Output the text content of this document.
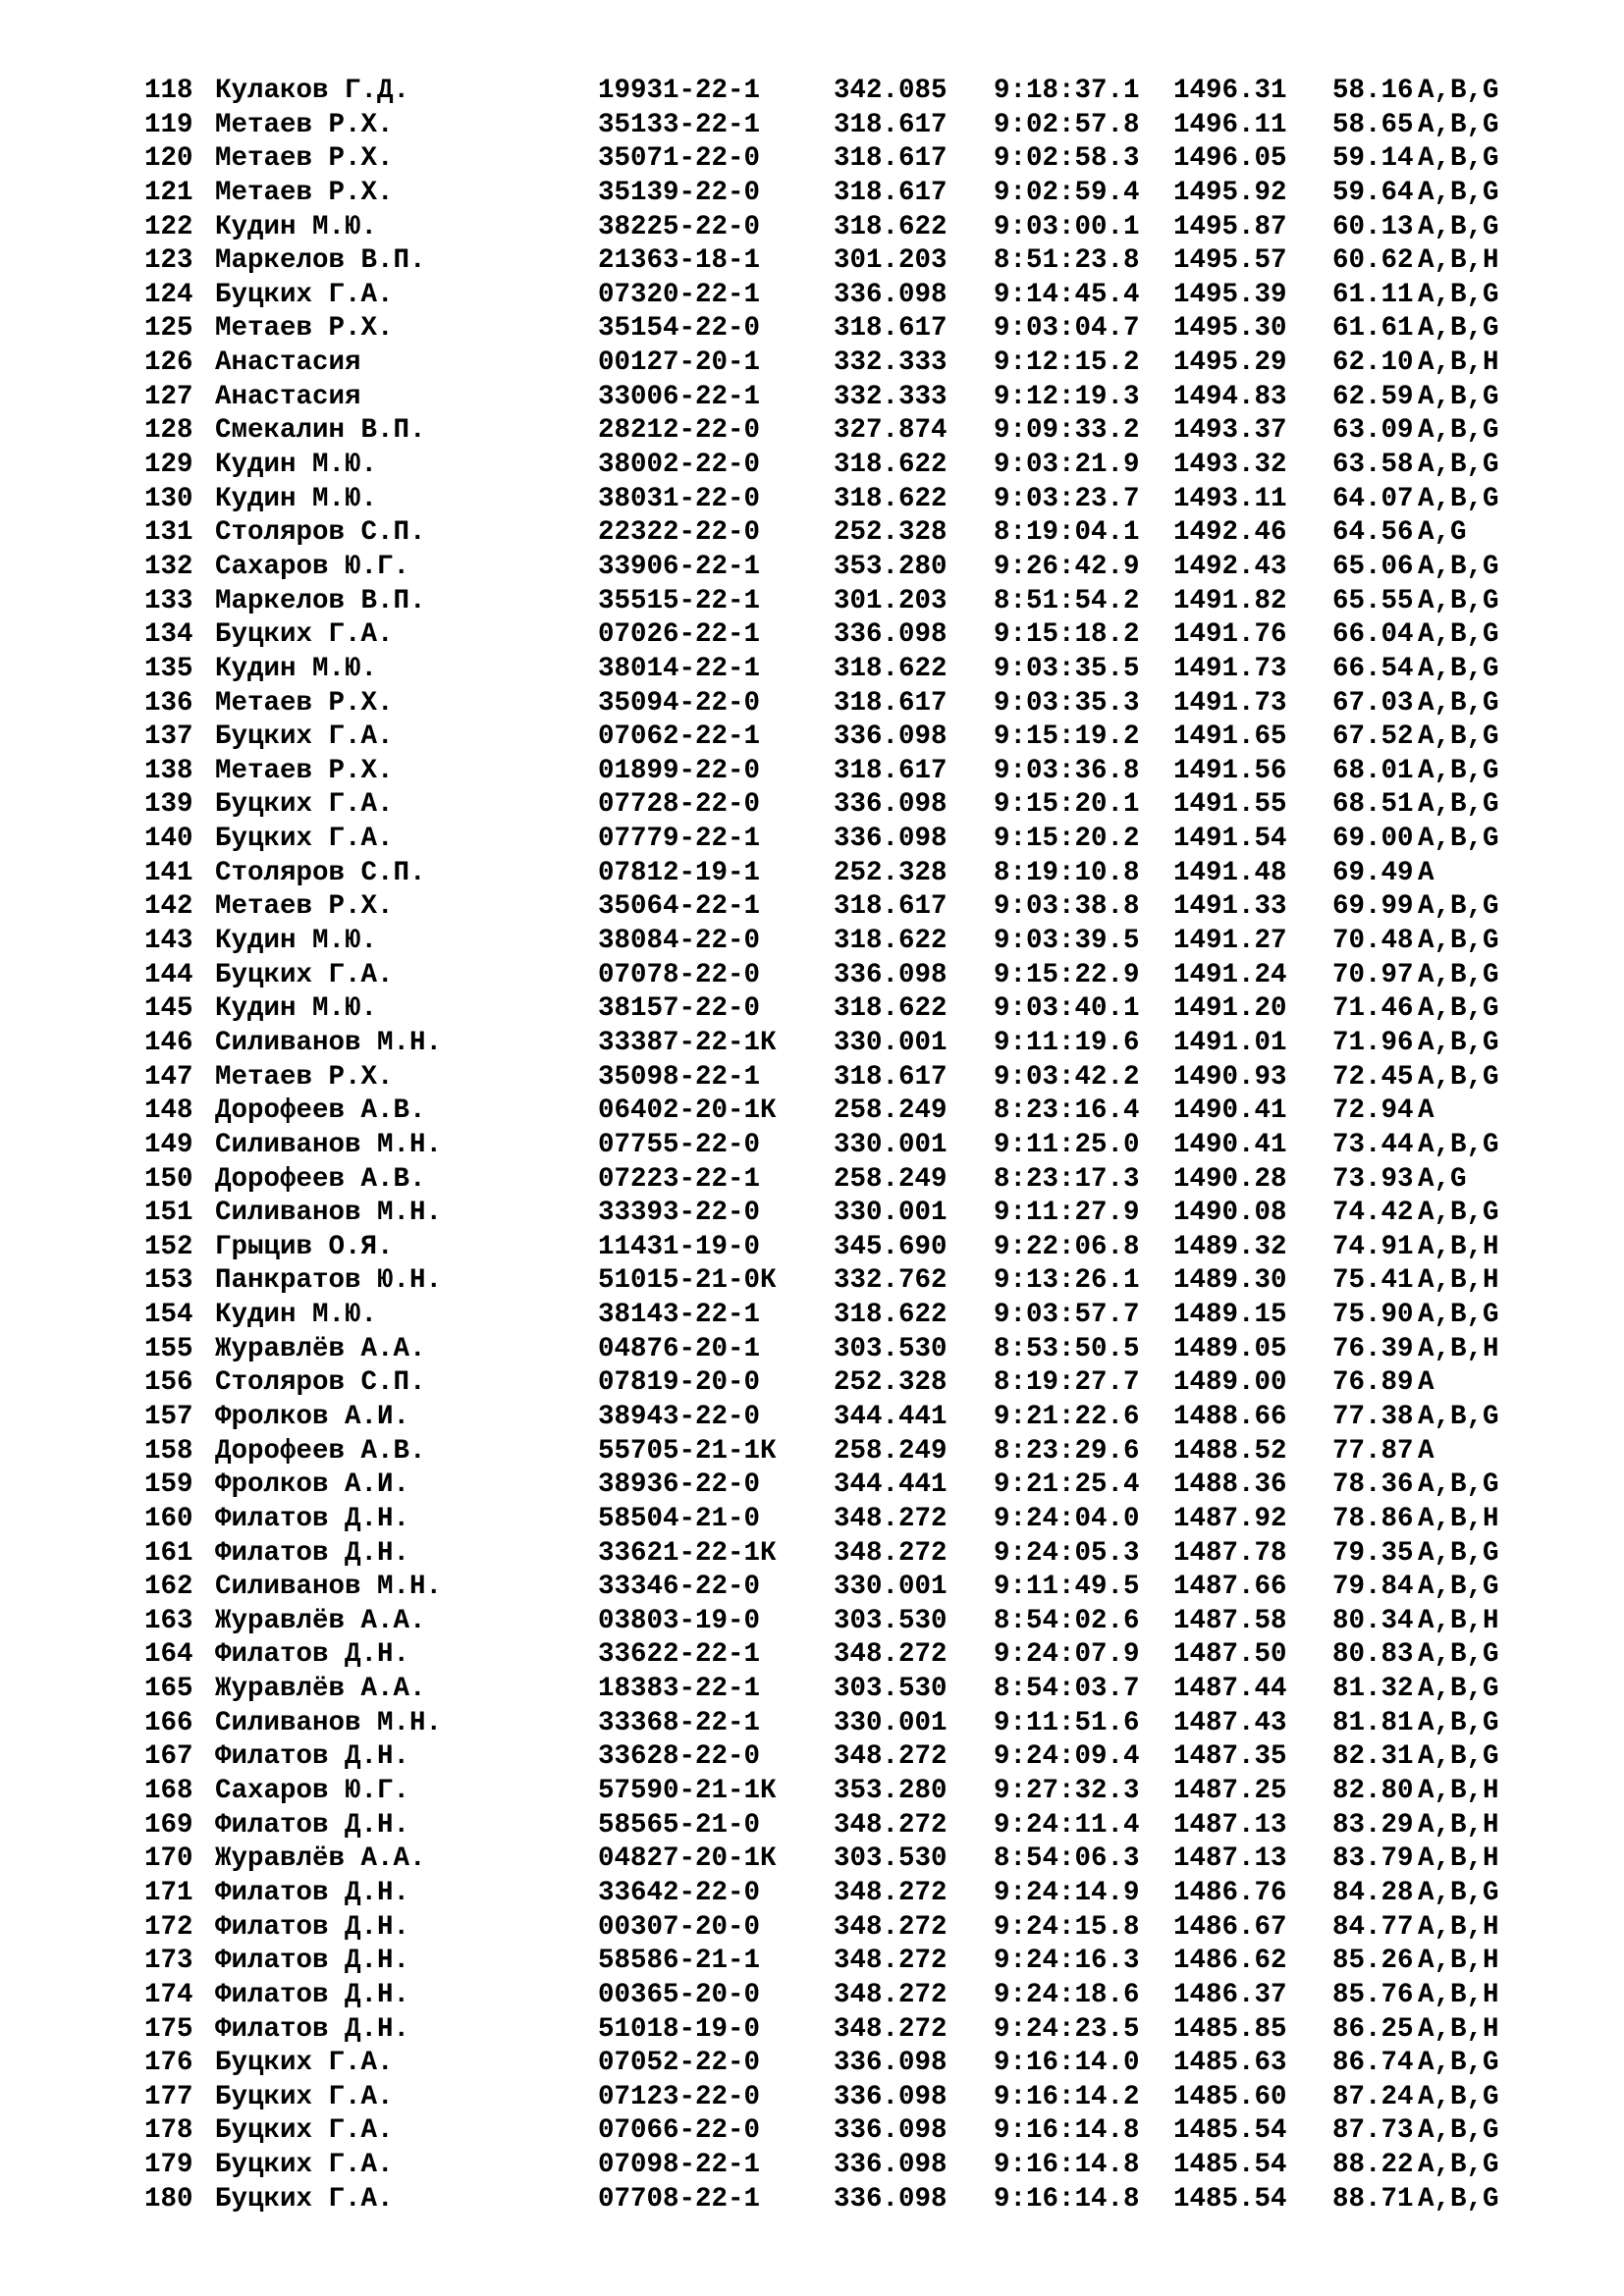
118 Кулаков Г.Д.	19931-22-1	342.085 9:18:37.1 1496.31 58.16 A,B,G
119 Метаев Р.Х.	35133-22-1	318.617 9:02:57.8 1496.11 58.65 A,B,G
120 Метаев Р.Х.	35071-22-0	318.617 9:02:58.3 1496.05 59.14 A,B,G
121 Метаев Р.Х.	35139-22-0	318.617 9:02:59.4 1495.92 59.64 A,B,G
122 Кудин М.Ю.	38225-22-0	318.622 9:03:00.1 1495.87 60.13 A,B,G
123 Маркелов В.П.	21363-18-1	301.203 8:51:23.8 1495.57 60.62 A,B,H
124 Буцких Г.А.	07320-22-1	336.098 9:14:45.4 1495.39 61.11 A,B,G
125 Метаев Р.Х.	35154-22-0	318.617 9:03:04.7 1495.30 61.61 A,B,G
126 Анастасия	00127-20-1	332.333 9:12:15.2 1495.29 62.10 A,B,H
127 Анастасия	33006-22-1	332.333 9:12:19.3 1494.83 62.59 A,B,G
128 Смекалин В.П.	28212-22-0	327.874 9:09:33.2 1493.37 63.09 A,B,G
129 Кудин М.Ю.	38002-22-0	318.622 9:03:21.9 1493.32 63.58 A,B,G
130 Кудин М.Ю.	38031-22-0	318.622 9:03:23.7 1493.11 64.07 A,B,G
131 Столяров С.П.	22322-22-0	252.328 8:19:04.1 1492.46 64.56 A,G
132 Сахаров Ю.Г.	33906-22-1	353.280 9:26:42.9 1492.43 65.06 A,B,G
133 Маркелов В.П.	35515-22-1	301.203 8:51:54.2 1491.82 65.55 A,B,G
134 Буцких Г.А.	07026-22-1	336.098 9:15:18.2 1491.76 66.04 A,B,G
135 Кудин М.Ю.	38014-22-1	318.622 9:03:35.5 1491.73 66.54 A,B,G
136 Метаев Р.Х.	35094-22-0	318.617 9:03:35.3 1491.73 67.03 A,B,G
137 Буцких Г.А.	07062-22-1	336.098 9:15:19.2 1491.65 67.52 A,B,G
138 Метаев Р.Х.	01899-22-0	318.617 9:03:36.8 1491.56 68.01 A,B,G
139 Буцких Г.А.	07728-22-0	336.098 9:15:20.1 1491.55 68.51 A,B,G
140 Буцких Г.А.	07779-22-1	336.098 9:15:20.2 1491.54 69.00 A,B,G
141 Столяров С.П.	07812-19-1	252.328 8:19:10.8 1491.48 69.49 A
142 Метаев Р.Х.	35064-22-1	318.617 9:03:38.8 1491.33 69.99 A,B,G
143 Кудин М.Ю.	38084-22-0	318.622 9:03:39.5 1491.27 70.48 A,B,G
144 Буцких Г.А.	07078-22-0	336.098 9:15:22.9 1491.24 70.97 A,B,G
145 Кудин М.Ю.	38157-22-0	318.622 9:03:40.1 1491.20 71.46 A,B,G
146 Силиванов М.Н.	33387-22-1К 330.001 9:11:19.6 1491.01 71.96 A,B,G
147 Метаев Р.Х.	35098-22-1	318.617 9:03:42.2 1490.93 72.45 A,B,G
148 Дорофеев А.В.	06402-20-1К 258.249 8:23:16.4 1490.41 72.94 A
149 Силиванов М.Н.	07755-22-0	330.001 9:11:25.0 1490.41 73.44 A,B,G
150 Дорофеев А.В.	07223-22-1	258.249 8:23:17.3 1490.28 73.93 A,G
151 Силиванов М.Н.	33393-22-0	330.001 9:11:27.9 1490.08 74.42 A,B,G
152 Грыцив О.Я.	11431-19-0	345.690 9:22:06.8 1489.32 74.91 A,B,H
153 Панкратов Ю.Н.	51015-21-0К 332.762 9:13:26.1 1489.30 75.41 A,B,H
154 Кудин М.Ю.	38143-22-1	318.622 9:03:57.7 1489.15 75.90 A,B,G
155 Журавлёв А.А.	04876-20-1	303.530 8:53:50.5 1489.05 76.39 A,B,H
156 Столяров С.П.	07819-20-0	252.328 8:19:27.7 1489.00 76.89 A
157 Фролков А.И.	38943-22-0	344.441 9:21:22.6 1488.66 77.38 A,B,G
158 Дорофеев А.В.	55705-21-1К 258.249 8:23:29.6 1488.52 77.87 A
159 Фролков А.И.	38936-22-0	344.441 9:21:25.4 1488.36 78.36 A,B,G
160 Филатов Д.Н.	58504-21-0	348.272 9:24:04.0 1487.92 78.86 A,B,H
161 Филатов Д.Н.	33621-22-1К 348.272 9:24:05.3 1487.78 79.35 A,B,G
162 Силиванов М.Н.	33346-22-0	330.001 9:11:49.5 1487.66 79.84 A,B,G
163 Журавлёв А.А.	03803-19-0	303.530 8:54:02.6 1487.58 80.34 A,B,H
164 Филатов Д.Н.	33622-22-1	348.272 9:24:07.9 1487.50 80.83 A,B,G
165 Журавлёв А.А.	18383-22-1	303.530 8:54:03.7 1487.44 81.32 A,B,G
166 Силиванов М.Н.	33368-22-1	330.001 9:11:51.6 1487.43 81.81 A,B,G
167 Филатов Д.Н.	33628-22-0	348.272 9:24:09.4 1487.35 82.31 A,B,G
168 Сахаров Ю.Г.	57590-21-1К 353.280 9:27:32.3 1487.25 82.80 A,B,H
169 Филатов Д.Н.	58565-21-0	348.272 9:24:11.4 1487.13 83.29 A,B,H
170 Журавлёв А.А.	04827-20-1К 303.530 8:54:06.3 1487.13 83.79 A,B,H
171 Филатов Д.Н.	33642-22-0	348.272 9:24:14.9 1486.76 84.28 A,B,G
172 Филатов Д.Н.	00307-20-0	348.272 9:24:15.8 1486.67 84.77 A,B,H
173 Филатов Д.Н.	58586-21-1	348.272 9:24:16.3 1486.62 85.26 A,B,H
174 Филатов Д.Н.	00365-20-0	348.272 9:24:18.6 1486.37 85.76 A,B,H
175 Филатов Д.Н.	51018-19-0	348.272 9:24:23.5 1485.85 86.25 A,B,H
176 Буцких Г.А.	07052-22-0	336.098 9:16:14.0 1485.63 86.74 A,B,G
177 Буцких Г.А.	07123-22-0	336.098 9:16:14.2 1485.60 87.24 A,B,G
178 Буцких Г.А.	07066-22-0	336.098 9:16:14.8 1485.54 87.73 A,B,G
179 Буцких Г.А.	07098-22-1	336.098 9:16:14.8 1485.54 88.22 A,B,G
180 Буцких Г.А.	07708-22-1	336.098 9:16:14.8 1485.54 88.71 A,B,G
